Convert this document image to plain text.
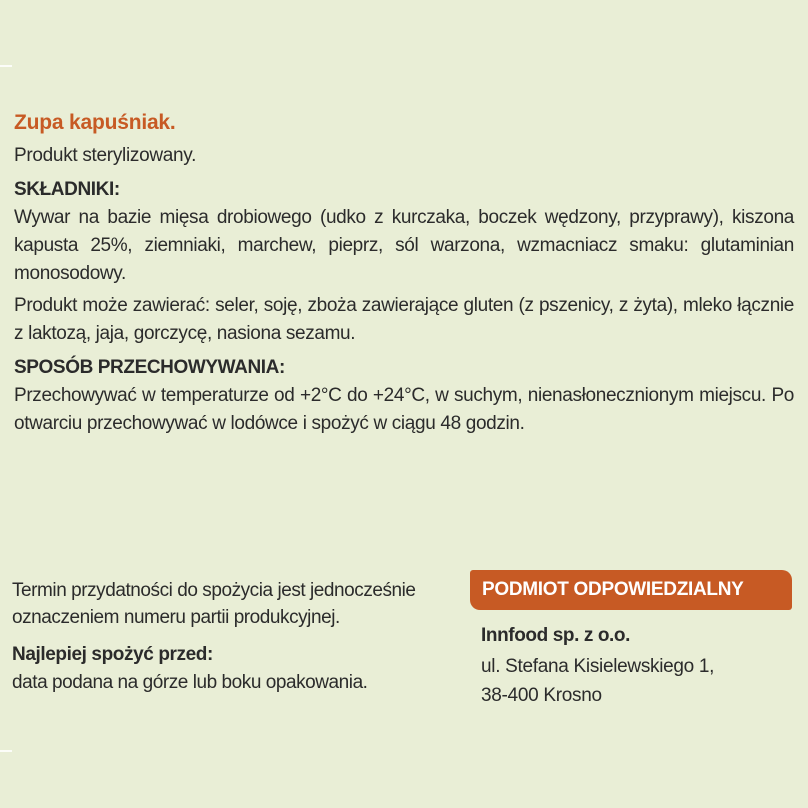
Zupa kapuśniak.

Produkt sterylizowany.

SKŁADNIKI:

Wywar na bazie mięsa drobiowego (udko z kurczaka, boczek wędzony, przyprawy), kiszona kapusta 25%, ziemniaki, marchew, pieprz, sól warzona, wzmacniacz smaku: glutaminian monosodowy.

Produkt może zawierać: seler, soję, zboża zawierające gluten (z pszenicy, z żyta), mleko łącznie z laktozą, jaja, gorczycę, nasiona sezamu.

SPOSÓB PRZECHOWYWANIA:

Przechowywać w temperaturze od +2°C do +24°C, w suchym, nienasłonecznionym miejscu. Po otwarciu przechowywać w lodówce i spożyć w ciągu 48 godzin.

Termin przydatności do spożycia jest jednocześnie

oznaczeniem numeru partii produkcyjnej.

Najlepiej spożyć przed:

data podana na górze lub boku opakowania.

PODMIOT ODPOWIEDZIALNY

Innfood sp. z o.o.

ul. Stefana Kisielewskiego 1,

38-400 Krosno
